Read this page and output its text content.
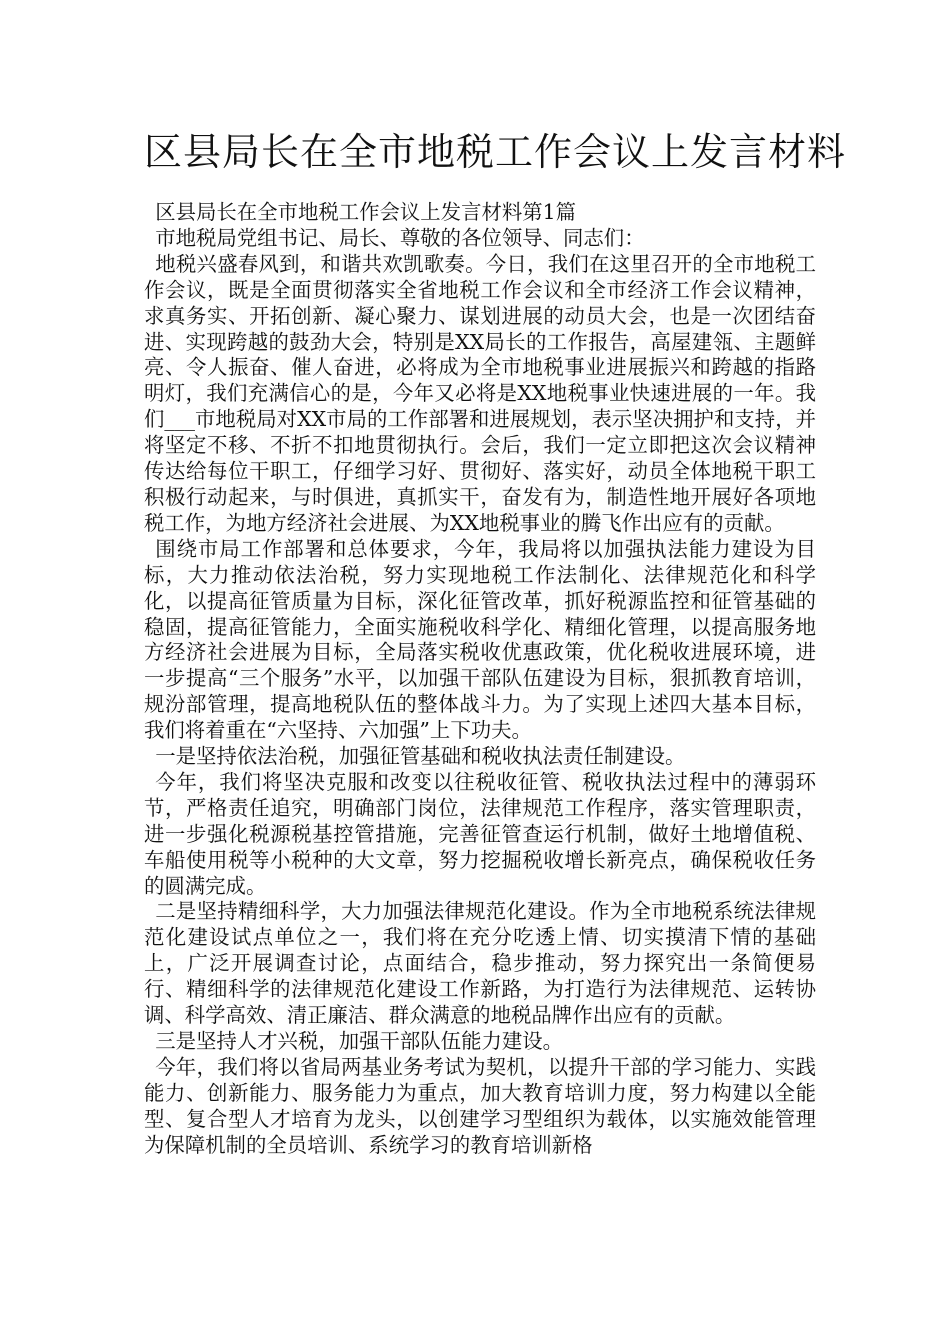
区县局长在全市地税工作会议上发言材料

区县局长在全市地税工作会议上发言材料第1篇

市地税局党组书记、局长、尊敬的各位领导、同志们：

地税兴盛春风到，和谐共欢凯歌奏。今日，我们在这里召开的全市地税工作会议，既是全面贯彻落实全省地税工作会议和全市经济工作会议精神，求真务实、开拓创新、凝心聚力、谋划进展的动员大会，也是一次团结奋进、实现跨越的鼓劲大会，特别是XX局长的工作报告，高屋建瓴、主题鲜亮、令人振奋、催人奋进，必将成为全市地税事业进展振兴和跨越的指路明灯，我们充满信心的是，今年又必将是XX地税事业快速进展的一年。我们___市地税局对XX市局的工作部署和进展规划，表示坚决拥护和支持，并将坚定不移、不折不扣地贯彻执行。会后，我们一定立即把这次会议精神传达给每位干职工，仔细学习好、贯彻好、落实好，动员全体地税干职工积极行动起来，与时俱进，真抓实干，奋发有为，制造性地开展好各项地税工作，为地方经济社会进展、为XX地税事业的腾飞作出应有的贡献。

围绕市局工作部署和总体要求，今年，我局将以加强执法能力建设为目标，大力推动依法治税，努力实现地税工作法制化、法律规范化和科学化，以提高征管质量为目标，深化征管改革，抓好税源监控和征管基础的稳固，提高征管能力，全面实施税收科学化、精细化管理，以提高服务地方经济社会进展为目标，全局落实税收优惠政策，优化税收进展环境，进一步提高“三个服务”水平，以加强干部队伍建设为目标，狠抓教育培训，规汾部管理，提高地税队伍的整体战斗力。为了实现上述四大基本目标，我们将着重在“六坚持、六加强”上下功夫。

一是坚持依法治税，加强征管基础和税收执法责任制建设。

今年，我们将坚决克服和改变以往税收征管、税收执法过程中的薄弱环节，严格责任追究，明确部门岗位，法律规范工作程序，落实管理职责，进一步强化税源税基控管措施，完善征管查运行机制，做好土地增值税、车船使用税等小税种的大文章，努力挖掘税收增长新亮点，确保税收任务的圆满完成。

二是坚持精细科学，大力加强法律规范化建设。作为全市地税系统法律规范化建设试点单位之一，我们将在充分吃透上情、切实摸清下情的基础上，广泛开展调查讨论，点面结合，稳步推动，努力探究出一条简便易行、精细科学的法律规范化建设工作新路，为打造行为法律规范、运转协调、科学高效、清正廉洁、群众满意的地税品牌作出应有的贡献。

三是坚持人才兴税，加强干部队伍能力建设。

今年，我们将以省局两基业务考试为契机，以提升干部的学习能力、实践能力、创新能力、服务能力为重点，加大教育培训力度，努力构建以全能型、复合型人才培育为龙头，以创建学习型组织为载体，以实施效能管理为保障机制的全员培训、系统学习的教育培训新格
